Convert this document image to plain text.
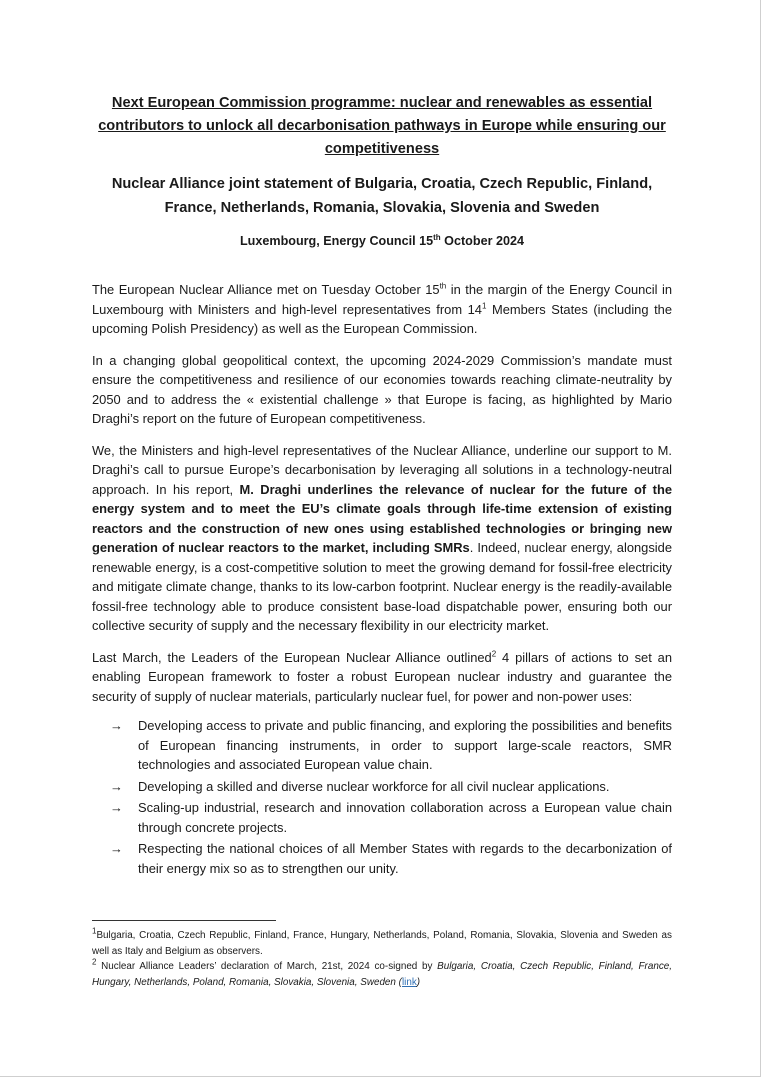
Next European Commission programme: nuclear and renewables as essential contributors to unlock all decarbonisation pathways in Europe while ensuring our competitiveness
Nuclear Alliance joint statement of Bulgaria, Croatia, Czech Republic, Finland, France, Netherlands, Romania, Slovakia, Slovenia and Sweden
Luxembourg, Energy Council 15th October 2024

The European Nuclear Alliance met on Tuesday October 15th in the margin of the Energy Council in Luxembourg with Ministers and high-level representatives from $14^1$ Members States (including the upcoming Polish Presidency) as well as the European Commission.

In a changing global geopolitical context, the upcoming 2024-2029 Commission’s mandate must ensure the competitiveness and resilience of our economies towards reaching climate-neutrality by 2050 and to address the « existential challenge » that Europe is facing, as highlighted by Mario Draghi’s report on the future of European competitiveness.

We, the Ministers and high-level representatives of the Nuclear Alliance, underline our support to M. Draghi’s call to pursue Europe’s decarbonisation by leveraging all solutions in a technology-neutral approach. In his report, M. Draghi underlines the relevance of nuclear for the future of the energy system and to meet the EU’s climate goals through life-time extension of existing reactors and the construction of new ones using established technologies or bringing new generation of nuclear reactors to the market, including SMRs. Indeed, nuclear energy, alongside renewable energy, is a cost-competitive solution to meet the growing demand for fossil-free electricity and mitigate climate change, thanks to its low-carbon footprint. Nuclear energy is the readily-available fossil-free technology able to produce consistent base-load dispatchable power, ensuring both our collective security of supply and the necessary flexibility in our electricity market.

Last March, the Leaders of the European Nuclear Alliance outlined$^2$ 4 pillars of actions to set an enabling European framework to foster a robust European nuclear industry and guarantee the security of supply of nuclear materials, particularly nuclear fuel, for power and non-power uses:

→ Developing access to private and public financing, and exploring the possibilities and benefits of European financing instruments, in order to support large-scale reactors, SMR technologies and associated European value chain.
→ Developing a skilled and diverse nuclear workforce for all civil nuclear applications.
→ Scaling-up industrial, research and innovation collaboration across a European value chain through concrete projects.
→ Respecting the national choices of all Member States with regards to the decarbonization of their energy mix so as to strengthen our unity.

$^1$Bulgaria, Croatia, Czech Republic, Finland, France, Hungary, Netherlands, Poland, Romania, Slovakia, Slovenia and Sweden as well as Italy and Belgium as observers.

$^2$ Nuclear Alliance Leaders’ declaration of March, 21st, 2024 co-signed by Bulgaria, Croatia, Czech Republic, Finland, France, Hungary, Netherlands, Poland, Romania, Slovakia, Slovenia, Sweden (link)
